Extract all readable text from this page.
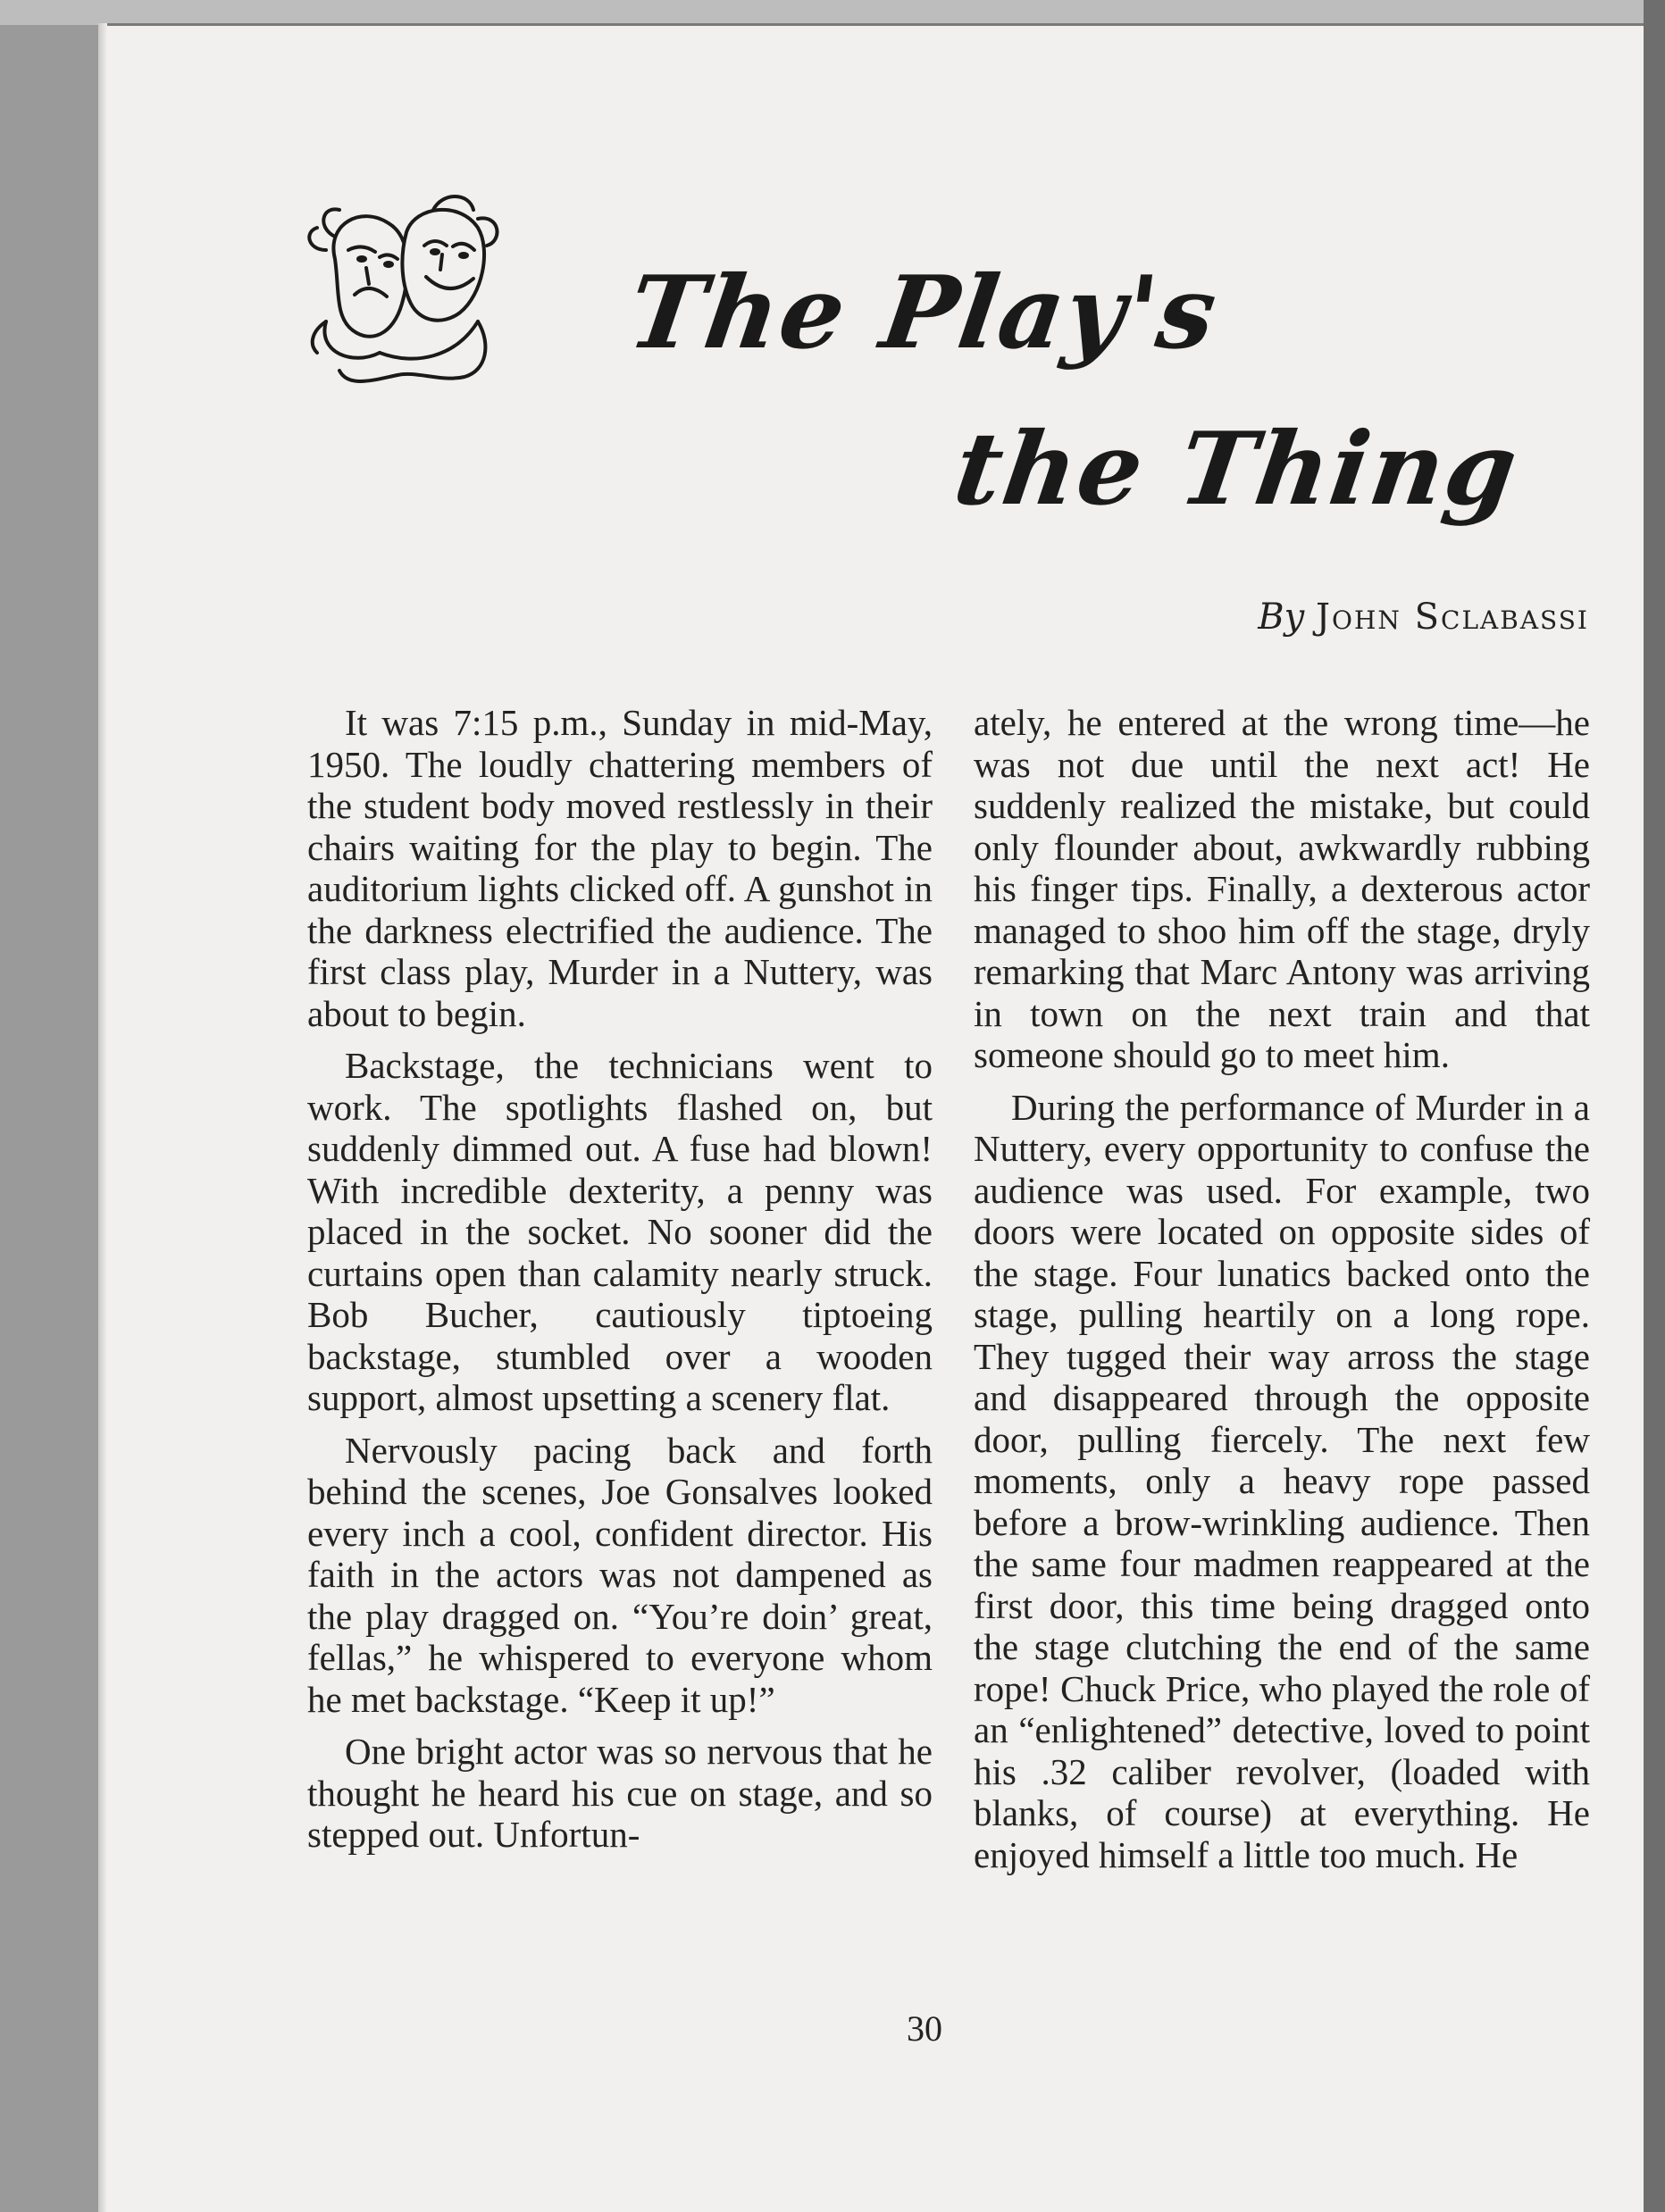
The Play's
the Thing
By John Sclabassi

It was 7:15 p.m., Sunday in mid-May, 1950. The loudly chattering members of the student body moved restlessly in their chairs waiting for the play to begin. The auditorium lights clicked off. A gunshot in the darkness electrified the audience. The first class play, Murder in a Nuttery, was about to begin.

Backstage, the technicians went to work. The spotlights flashed on, but suddenly dimmed out. A fuse had blown! With incredible dexterity, a penny was placed in the socket. No sooner did the curtains open than calamity nearly struck. Bob Bucher, cautiously tiptoeing backstage, stumbled over a wooden support, almost upsetting a scenery flat.

Nervously pacing back and forth behind the scenes, Joe Gonsalves looked every inch a cool, confident director. His faith in the actors was not dampened as the play dragged on. “You’re doin’ great, fellas,” he whispered to everyone whom he met backstage. “Keep it up!”

One bright actor was so nervous that he thought he heard his cue on stage, and so stepped out. Unfortun-

ately, he entered at the wrong time—he was not due until the next act! He suddenly realized the mistake, but could only flounder about, awkwardly rubbing his finger tips. Finally, a dexterous actor managed to shoo him off the stage, dryly remarking that Marc Antony was arriving in town on the next train and that someone should go to meet him.

During the performance of Murder in a Nuttery, every opportunity to confuse the audience was used. For example, two doors were located on opposite sides of the stage. Four lunatics backed onto the stage, pulling heartily on a long rope. They tugged their way arross the stage and disappeared through the opposite door, pulling fiercely. The next few moments, only a heavy rope passed before a brow-wrinkling audience. Then the same four madmen reappeared at the first door, this time being dragged onto the stage clutching the end of the same rope! Chuck Price, who played the role of an “enlightened” detective, loved to point his .32 caliber revolver, (loaded with blanks, of course) at everything. He enjoyed himself a little too much. He

30
